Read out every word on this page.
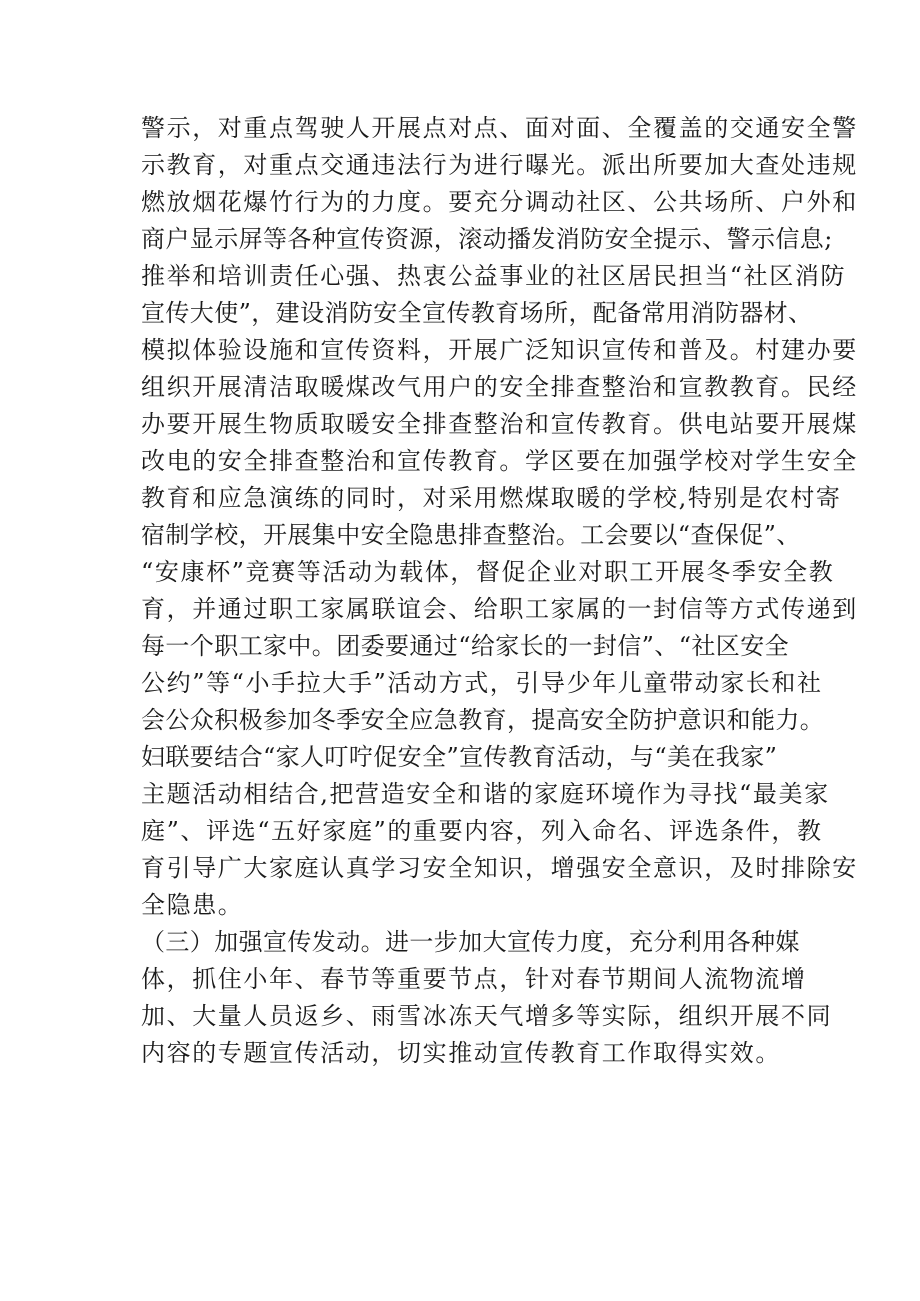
警示，对重点驾驶人开展点对点、面对面、全覆盖的交通安全警
示教育，对重点交通违法行为进行曝光。派出所要加大查处违规
燃放烟花爆竹行为的力度。要充分调动社区、公共场所、户外和
商户显示屏等各种宣传资源，滚动播发消防安全提示、警示信息;
推举和培训责任心强、热衷公益事业的社区居民担当“社区消防
宣传大使”，建设消防安全宣传教育场所，配备常用消防器材、
模拟体验设施和宣传资料，开展广泛知识宣传和普及。村建办要
组织开展清洁取暖煤改气用户的安全排查整治和宣教教育。民经
办要开展生物质取暖安全排查整治和宣传教育。供电站要开展煤
改电的安全排查整治和宣传教育。学区要在加强学校对学生安全
教育和应急演练的同时，对采用燃煤取暖的学校,特别是农村寄
宿制学校，开展集中安全隐患排查整治。工会要以“查保促”、
“安康杯”竞赛等活动为载体，督促企业对职工开展冬季安全教
育，并通过职工家属联谊会、给职工家属的一封信等方式传递到
每一个职工家中。团委要通过“给家长的一封信”、“社区安全
公约”等“小手拉大手”活动方式，引导少年儿童带动家长和社
会公众积极参加冬季安全应急教育，提高安全防护意识和能力。
妇联要结合“家人叮咛促安全”宣传教育活动，与“美在我家”
主题活动相结合,把营造安全和谐的家庭环境作为寻找“最美家
庭”、评选“五好家庭”的重要内容，列入命名、评选条件，教
育引导广大家庭认真学习安全知识，增强安全意识，及时排除安
全隐患。
（三）加强宣传发动。进一步加大宣传力度，充分利用各种媒
体，抓住小年、春节等重要节点，针对春节期间人流物流增
加、大量人员返乡、雨雪冰冻天气增多等实际，组织开展不同
内容的专题宣传活动，切实推动宣传教育工作取得实效。
